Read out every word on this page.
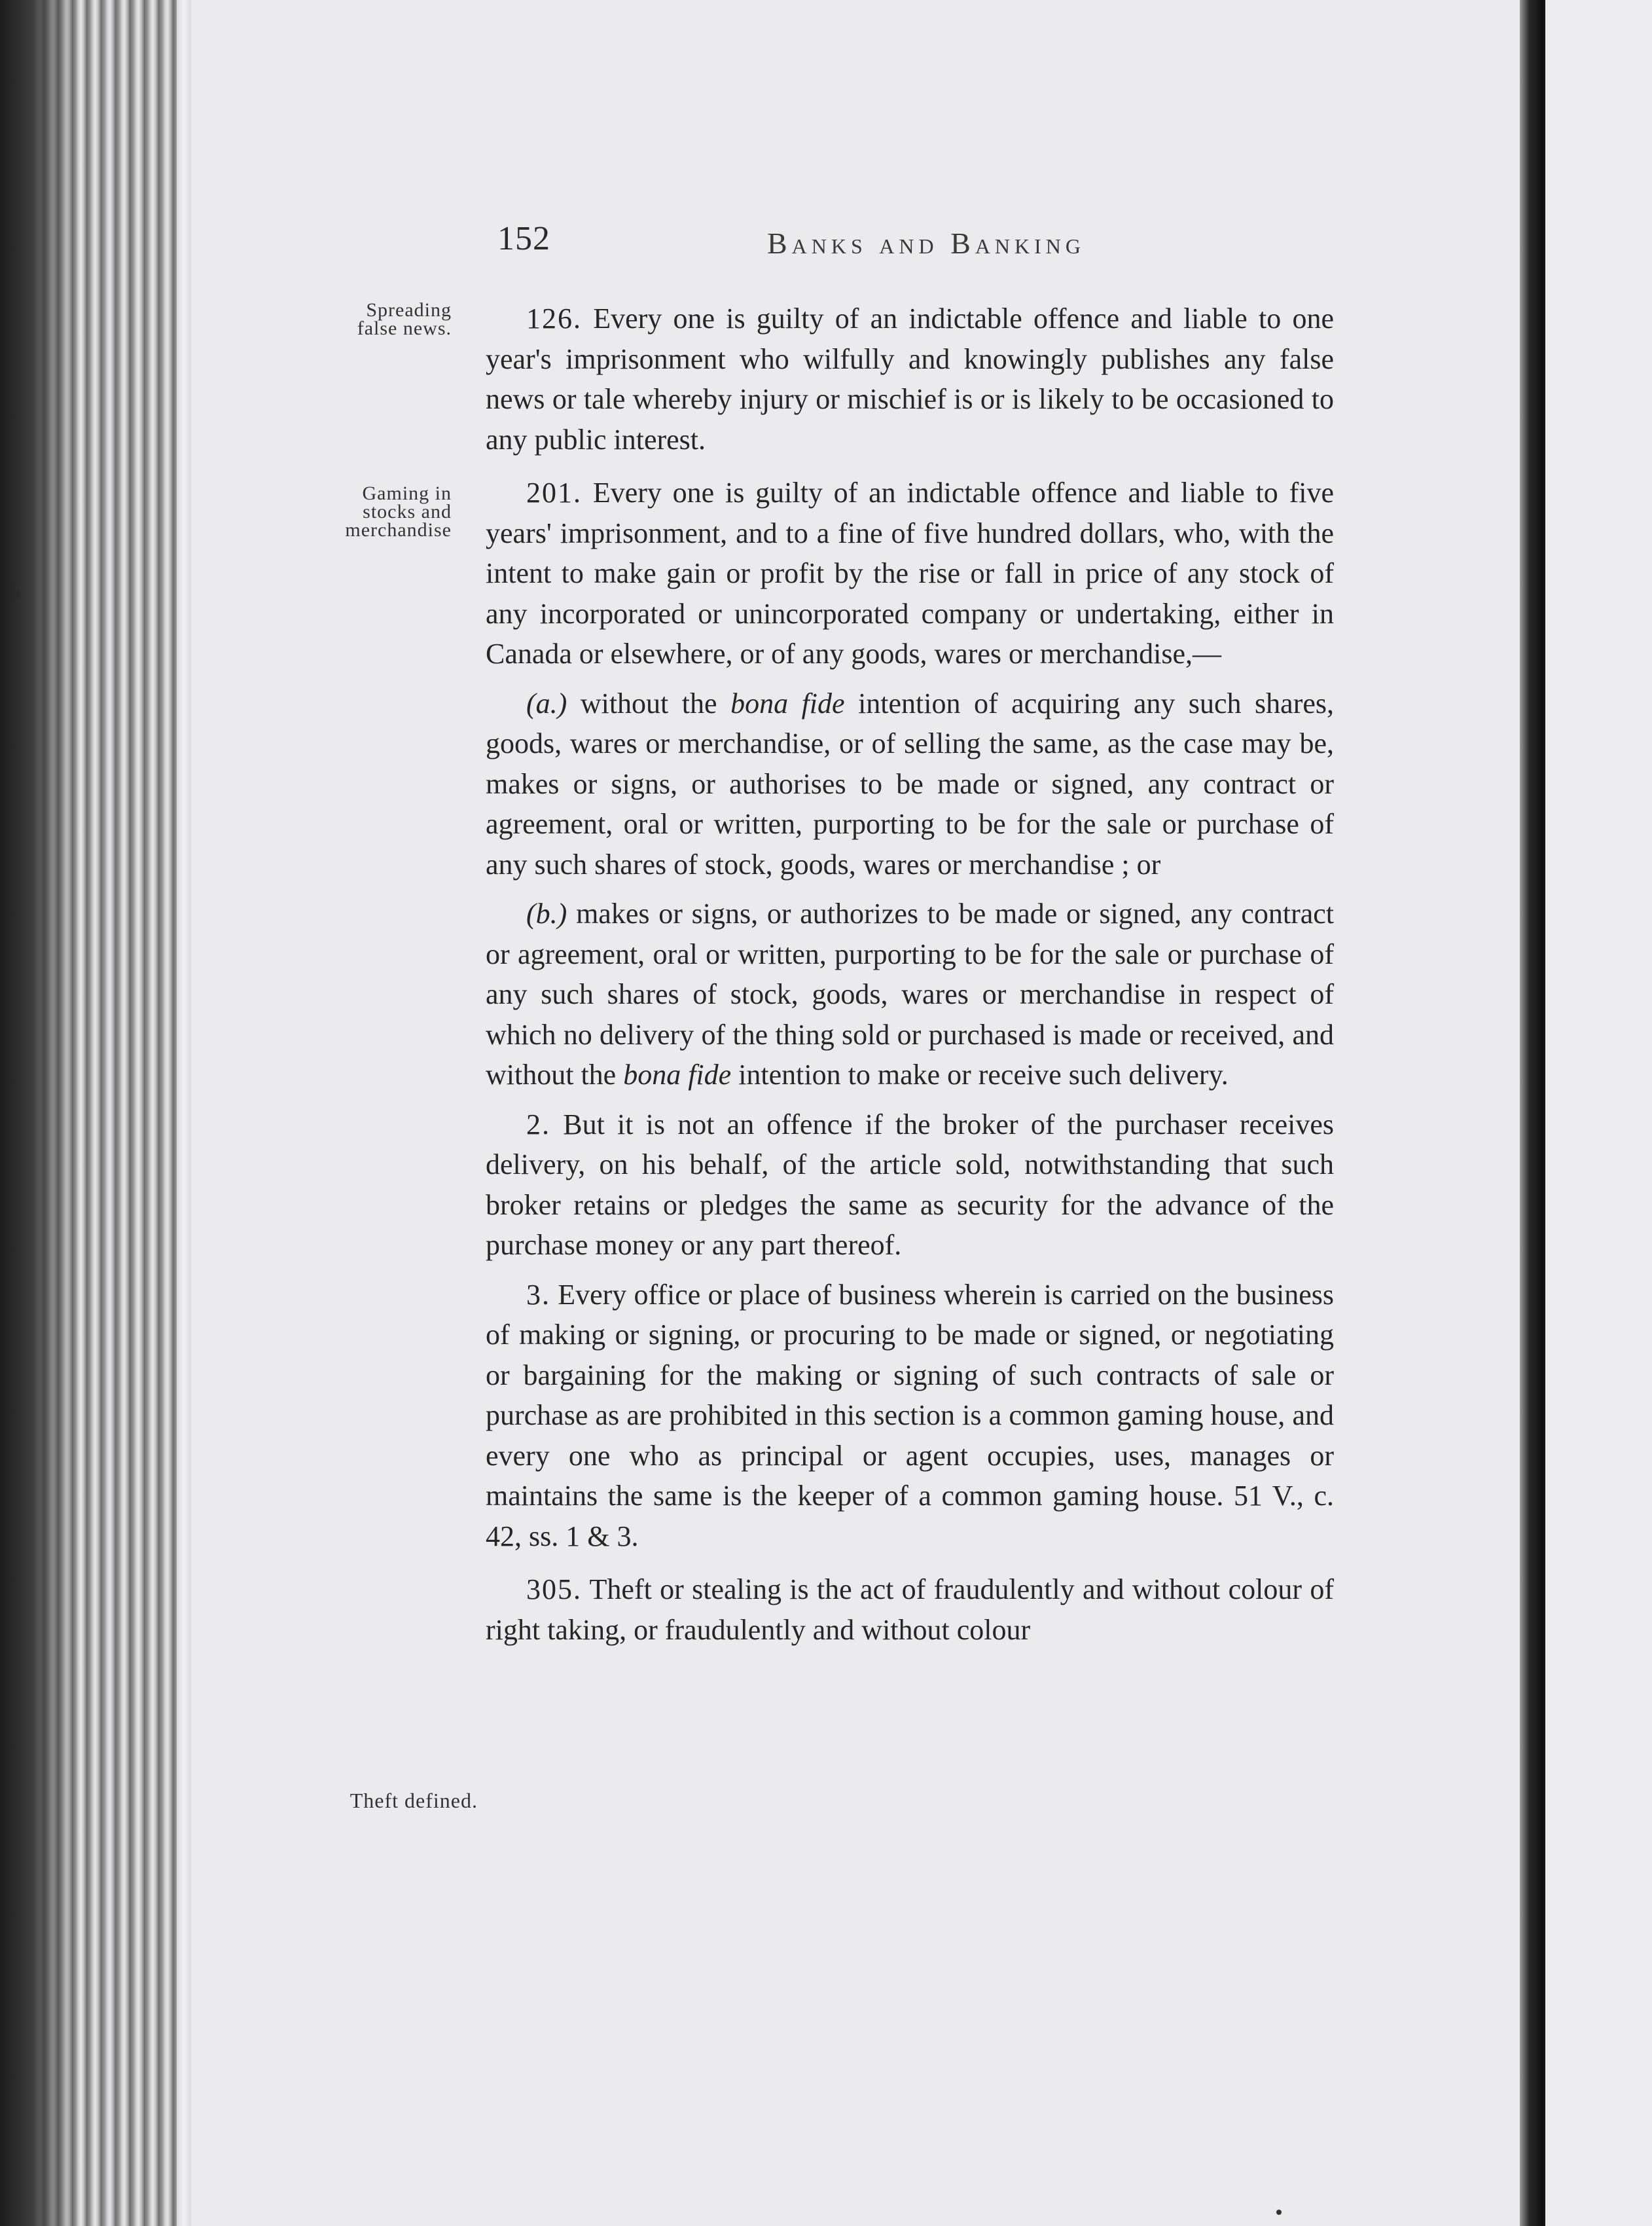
152	Banks and Banking
Spreading
false news.
Gaming in
stocks and
merchandise
Theft defined.

126. Every one is guilty of an indictable offence and liable to one year's imprisonment who wilfully and knowingly publishes any false news or tale whereby injury or mischief is or is likely to be occasioned to any public interest.

201. Every one is guilty of an indictable offence and liable to five years' imprisonment, and to a fine of five hundred dollars, who, with the intent to make gain or profit by the rise or fall in price of any stock of any incorporated or unincorporated company or undertaking, either in Canada or elsewhere, or of any goods, wares or merchandise,—

(a.) without the bona fide intention of acquiring any such shares, goods, wares or merchandise, or of selling the same, as the case may be, makes or signs, or authorises to be made or signed, any contract or agreement, oral or written, purporting to be for the sale or purchase of any such shares of stock, goods, wares or merchandise ; or

(b.) makes or signs, or authorizes to be made or signed, any contract or agreement, oral or written, purporting to be for the sale or purchase of any such shares of stock, goods, wares or merchandise in respect of which no delivery of the thing sold or purchased is made or received, and without the bona fide intention to make or receive such delivery.

2. But it is not an offence if the broker of the purchaser receives delivery, on his behalf, of the article sold, notwithstanding that such broker retains or pledges the same as security for the advance of the purchase money or any part thereof.

3. Every office or place of business wherein is carried on the business of making or signing, or procuring to be made or signed, or negotiating or bargaining for the making or signing of such contracts of sale or purchase as are prohibited in this section is a common gaming house, and every one who as principal or agent occupies, uses, manages or maintains the same is the keeper of a common gaming house. 51 V., c. 42, ss. 1 & 3.

305. Theft or stealing is the act of fraudulently and without colour of right taking, or fraudulently and without colour
